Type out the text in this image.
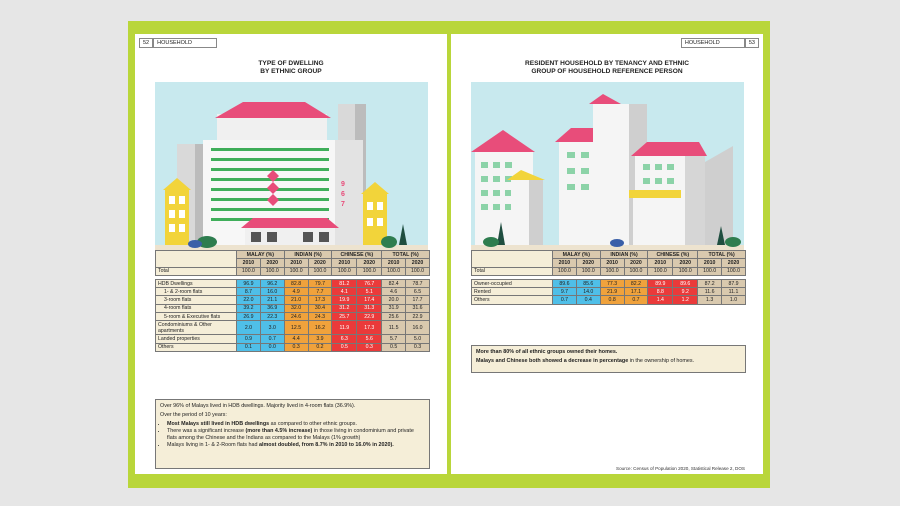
52 HOUSEHOLD
TYPE OF DWELLING
BY ETHNIC GROUP
9
6
7
	MALAY (%)		INDIAN (%)		CHINESE (%)		TOTAL (%)	
	2010	2020	2010	2020	2010	2020	2010	2020
Total	100.0	100.0	100.0	100.0	100.0	100.0	100.0	100.0

HDB Dwellings	96.9	96.2	82.8	79.7	81.2	76.7	82.4	78.7
1- & 2-room flats	8.7	16.0	4.9	7.7	4.1	5.1	4.6	6.5
3-room flats	22.0	21.1	21.0	17.3	19.9	17.4	20.0	17.7
4-room flats	39.2	36.9	32.0	30.4	31.2	31.3	31.9	31.6
5-room & Executive flats	26.9	22.3	24.6	24.3	25.7	22.9	25.6	22.9
Condominiums & Other apartments	2.0	3.0	12.5	16.2	11.9	17.3	11.5	16.0
Landed properties	0.9	0.7	4.4	3.9	6.3	5.6	5.7	5.0
Others	0.1	0.0	0.3	0.2	0.5	0.3	0.5	0.3

Over 96% of Malays lived in HDB dwellings. Majority lived in 4-room flats (36.9%).

Over the period of 10 years:

• Most Malays still lived in HDB dwellings as compared to other ethnic groups.
• There was a significant increase (more than 4.5% increase) in those living in condominium and private flats among the Chinese and the Indians as compared to the Malays (1% growth)
• Malays living in 1- & 2-Room flats had almost doubled, from 8.7% in 2010 to 16.0% in 2020).
HOUSEHOLD	53
RESIDENT HOUSEHOLD BY TENANCY AND ETHNIC
GROUP OF HOUSEHOLD REFERENCE PERSON
	MALAY (%)		INDIAN (%)		CHINESE (%)		TOTAL (%)	
	2010	2020	2010	2020	2010	2020	2010	2020
Total	100.0	100.0	100.0	100.0	100.0	100.0	100.0	100.0

Owner-occupied	89.6	85.6	77.3	82.2	89.9	89.6	87.2	87.9
Rented	9.7	14.0	21.9	17.1	8.8	9.2	11.6	11.1
Others	0.7	0.4	0.8	0.7	1.4	1.2	1.3	1.0

More than 80% of all ethnic groups owned their homes.

Malays and Chinese both showed a decrease in percentage in the ownership of homes.

Source: Census of Population 2020, Statistical Release 2, DOS
